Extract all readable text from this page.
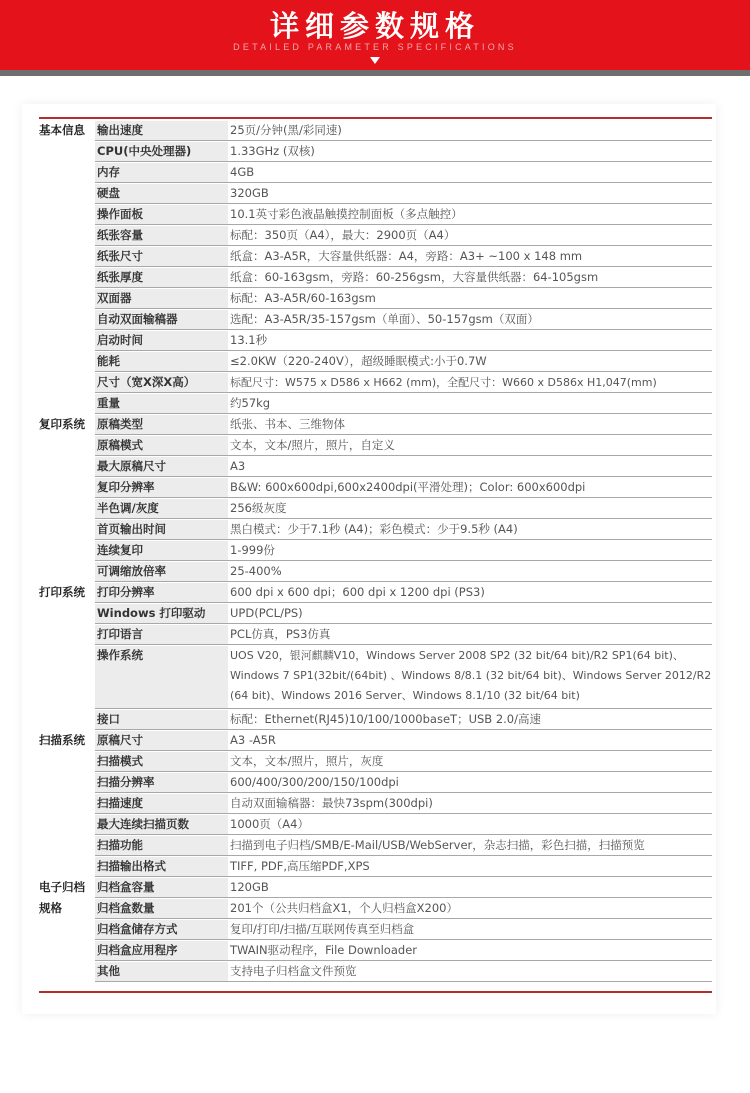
详细参数规格
DETAILED PARAMETER SPECIFICATIONS
基本信息	输出速度	25页/分钟(黑/彩同速)
CPU(中央处理器)	1.33GHz (双核)
内存	4GB
硬盘	320GB
操作面板	10.1英寸彩色液晶触摸控制面板（多点触控）
纸张容量	标配：350页（A4），最大：2900页（A4）
纸张尺寸	纸盒：A3-A5R，大容量供纸器：A4，旁路：A3+ ~100 x 148 mm
纸张厚度	纸盒：60-163gsm，旁路：60-256gsm，大容量供纸器：64-105gsm
双面器	标配：A3-A5R/60-163gsm
自动双面输稿器	选配：A3-A5R/35-157gsm（单面）、50-157gsm（双面）
启动时间	13.1秒
能耗	≤2.0KW（220-240V），超级睡眠模式:小于0.7W
尺寸（宽X深X高）	标配尺寸：W575 x D586 x H662 (mm)，全配尺寸：W660 x D586x H1,047(mm)
重量	约57kg
复印系统	原稿类型	纸张、书本、三维物体
原稿模式	文本，文本/照片，照片，自定义
最大原稿尺寸	A3
复印分辨率	B&W: 600x600dpi,600x2400dpi(平滑处理)；Color: 600x600dpi
半色调/灰度	256级灰度
首页输出时间	黑白模式：少于7.1秒 (A4)；彩色模式：少于9.5秒 (A4)
连续复印	1-999份
可调缩放倍率	25-400%
打印系统	打印分辨率	600 dpi x 600 dpi；600 dpi x 1200 dpi (PS3)
Windows 打印驱动 UPD(PCL/PS)
打印语言	PCL仿真，PS3仿真
操作系统	UOS V20，银河麒麟V10，Windows Server 2008 SP2 (32 bit/64 bit)/R2 SP1(64 bit)、Windows 7 SP1(32bit/(64bit) 、Windows 8/8.1 (32 bit/64 bit)、Windows Server 2012/R2 (64 bit)、Windows 2016 Server、Windows 8.1/10 (32 bit/64 bit)
接口	标配：Ethernet(RJ45)10/100/1000baseT；USB 2.0/高速
扫描系统	原稿尺寸	A3 -A5R
扫描模式	文本，文本/照片，照片，灰度
扫描分辨率	600/400/300/200/150/100dpi
扫描速度	自动双面输稿器：最快73spm(300dpi)
最大连续扫描页数	1000页（A4）
扫描功能	扫描到电子归档/SMB/E-Mail/USB/WebServer，杂志扫描，彩色扫描，扫描预览
扫描输出格式	TIFF, PDF,高压缩PDF,XPS
电子归档
规格
归档盒容量	120GB
归档盒数量	201个（公共归档盒X1，个人归档盒X200）
归档盒储存方式	复印/打印/扫描/互联网传真至归档盒
归档盒应用程序	TWAIN驱动程序，File Downloader
其他	支持电子归档盒文件预览
